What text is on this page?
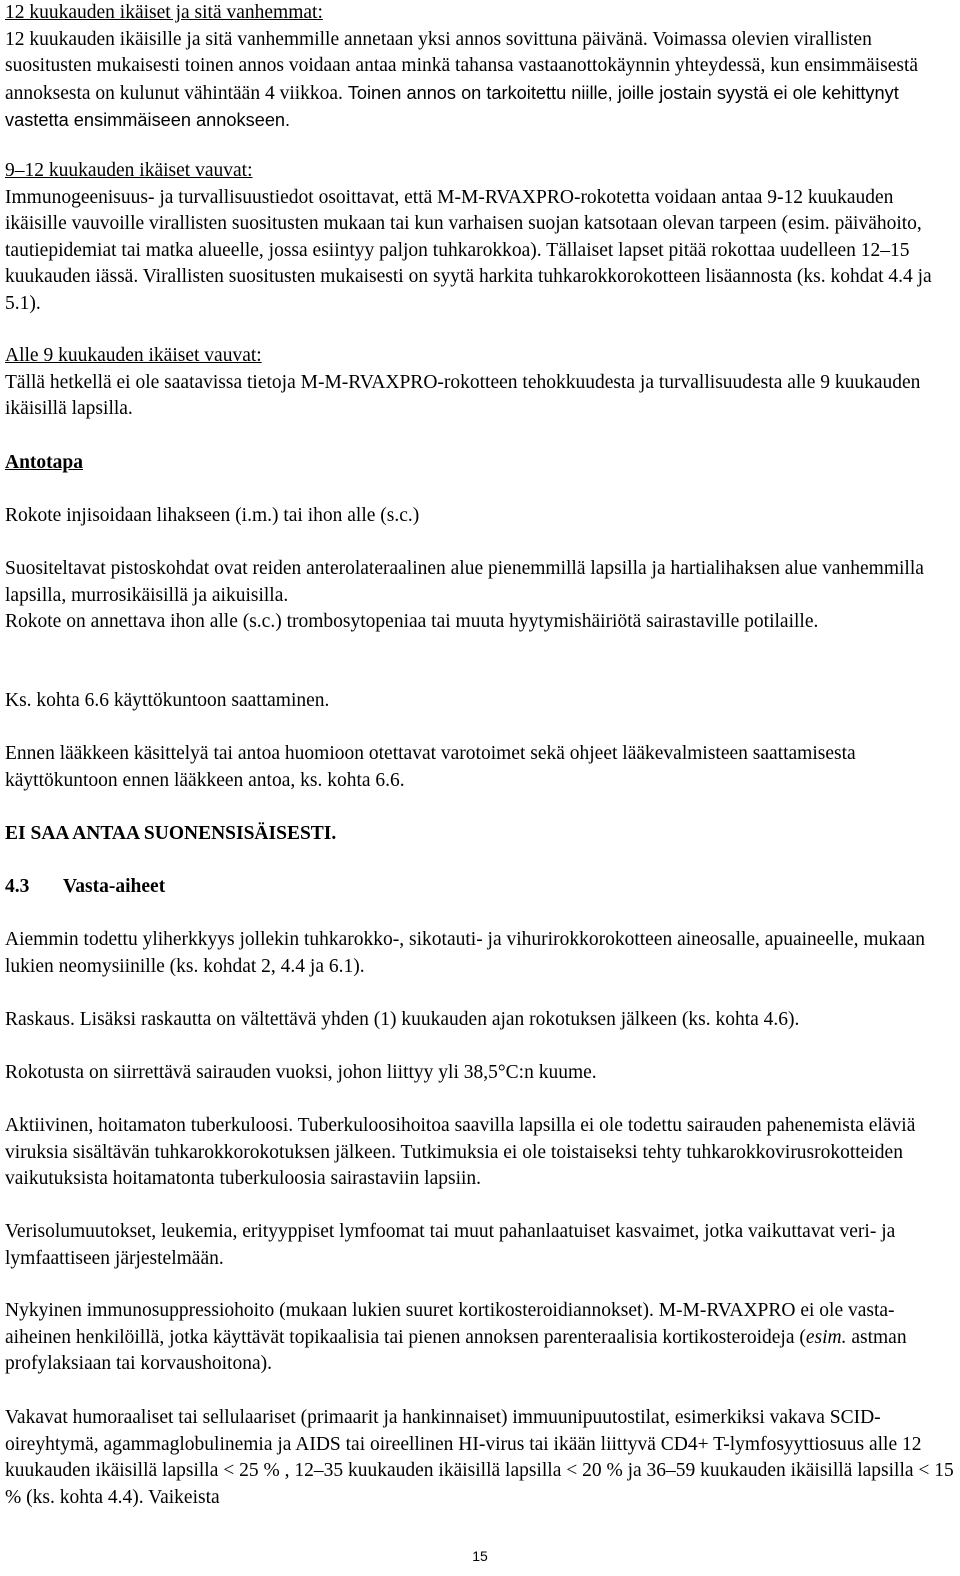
12 kuukauden ikäiset ja sitä vanhemmat:
12 kuukauden ikäisille ja sitä vanhemmille annetaan yksi annos sovittuna päivänä. Voimassa olevien virallisten suositusten mukaisesti toinen annos voidaan antaa minkä tahansa vastaanottokäynnin yhteydessä, kun ensimmäisestä annoksesta on kulunut vähintään 4 viikkoa. Toinen annos on tarkoitettu niille, joille jostain syystä ei ole kehittynyt vastetta ensimmäiseen annokseen.
9–12 kuukauden ikäiset vauvat:
Immunogeenisuus- ja turvallisuustiedot osoittavat, että M-M-RVAXPRO-rokotetta voidaan antaa 9-12 kuukauden ikäisille vauvoille virallisten suositusten mukaan tai kun varhaisen suojan katsotaan olevan tarpeen (esim. päivähoito, tautiepidemiat tai matka alueelle, jossa esiintyy paljon tuhkarokkoa). Tällaiset lapset pitää rokottaa uudelleen 12–15 kuukauden iässä. Virallisten suositusten mukaisesti on syytä harkita tuhkarokkorokotteen lisäannosta (ks. kohdat 4.4 ja 5.1).
Alle 9 kuukauden ikäiset vauvat:
Tällä hetkellä ei ole saatavissa tietoja M-M-RVAXPRO-rokotteen tehokkuudesta ja turvallisuudesta alle 9 kuukauden ikäisillä lapsilla.
Antotapa
Rokote injisoidaan lihakseen (i.m.) tai ihon alle (s.c.)
Suositeltavat pistoskohdat ovat reiden anterolateraalinen alue pienemmillä lapsilla ja hartialihaksen alue vanhemmilla lapsilla, murrosikäisillä ja aikuisilla.
Rokote on annettava ihon alle (s.c.) trombosytopeniaa tai muuta hyytymishäiriötä sairastaville potilaille.
Ks. kohta 6.6 käyttökuntoon saattaminen.
Ennen lääkkeen käsittelyä tai antoa huomioon otettavat varotoimet sekä ohjeet lääkevalmisteen saattamisesta käyttökuntoon ennen lääkkeen antoa, ks. kohta 6.6.
EI SAA ANTAA SUONENSISÄISESTI.
4.3 Vasta-aiheet
Aiemmin todettu yliherkkyys jollekin tuhkarokko-, sikotauti- ja vihurirokkorokotteen aineosalle, apuaineelle, mukaan lukien neomysiinille (ks. kohdat 2, 4.4 ja 6.1).
Raskaus. Lisäksi raskautta on vältettävä yhden (1) kuukauden ajan rokotuksen jälkeen (ks. kohta 4.6).
Rokotusta on siirrettävä sairauden vuoksi, johon liittyy yli 38,5°C:n kuume.
Aktiivinen, hoitamaton tuberkuloosi. Tuberkuloosihoitoa saavilla lapsilla ei ole todettu sairauden pahenemista eläviä viruksia sisältävän tuhkarokkorokotuksen jälkeen. Tutkimuksia ei ole toistaiseksi tehty tuhkarokkovirusrokotteiden vaikutuksista hoitamatonta tuberkuloosia sairastaviin lapsiin.
Verisolumuutokset, leukemia, erityyppiset lymfoomat tai muut pahanlaatuiset kasvaimet, jotka vaikuttavat veri- ja lymfaattiseen järjestelmään.
Nykyinen immunosuppressiohoito (mukaan lukien suuret kortikosteroidiannokset). M-M-RVAXPRO ei ole vasta-aiheinen henkilöillä, jotka käyttävät topikaalisia tai pienen annoksen parenteraalisia kortikosteroideja (esim. astman profylaksiaan tai korvaushoitona).
Vakavat humoraaliset tai sellulaariset (primaarit ja hankinnaiset) immuunipuutostilat, esimerkiksi vakava SCID-oireyhtymä, agammaglobulinemia ja AIDS tai oireellinen HI-virus tai ikään liittyvä CD4+ T-lymfosyyttiosuus alle 12 kuukauden ikäisillä lapsilla < 25 % , 12–35 kuukauden ikäisillä lapsilla < 20 % ja 36–59 kuukauden ikäisillä lapsilla < 15 % (ks. kohta 4.4). Vaikeista
15
